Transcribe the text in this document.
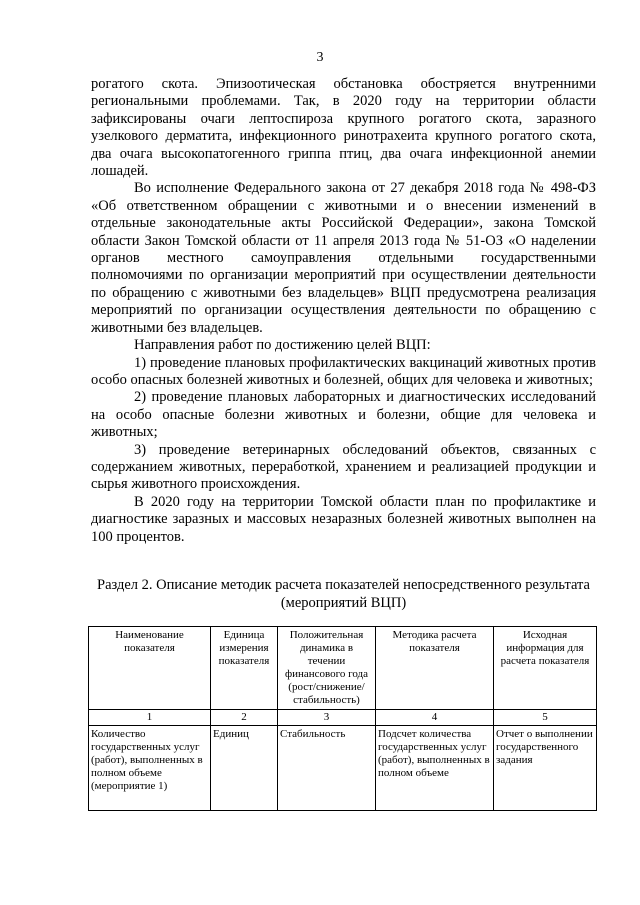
3

рогатого скота. Эпизоотическая обстановка обостряется внутренними региональными проблемами. Так, в 2020 году на территории области зафиксированы очаги лептоспироза крупного рогатого скота, заразного узелкового дерматита, инфекционного ринотрахеита крупного рогатого скота, два очага высокопатогенного гриппа птиц, два очага инфекционной анемии лошадей.

Во исполнение Федерального закона от 27 декабря 2018 года № 498-ФЗ «Об ответственном обращении с животными и о внесении изменений в отдельные законодательные акты Российской Федерации», закона Томской области Закон Томской области от 11 апреля 2013 года № 51-ОЗ «О наделении органов местного самоуправления отдельными государственными полномочиями по организации мероприятий при осуществлении деятельности по обращению с животными без владельцев» ВЦП предусмотрена реализация мероприятий по организации осуществления деятельности по обращению с животными без владельцев.

Направления работ по достижению целей ВЦП:

1) проведение плановых профилактических вакцинаций животных против особо опасных болезней животных и болезней, общих для человека и животных;

2) проведение плановых лабораторных и диагностических исследований на особо опасные болезни животных и болезни, общие для человека и животных;

3) проведение ветеринарных обследований объектов, связанных с содержанием животных, переработкой, хранением и реализацией продукции и сырья животного происхождения.

В 2020 году на территории Томской области план по профилактике и диагностике заразных и массовых незаразных болезней животных выполнен на 100 процентов.

Раздел 2. Описание методик расчета показателей непосредственного результата (мероприятий ВЦП)
Наименование показателя	Единица измерения показателя	Положительная динамика в течении финансового года (рост/снижение/стабильность)	Методика расчета показателя	Исходная информация для расчета показателя
1	2	3	4	5
Количество государственных услуг (работ), выполненных в полном объеме (мероприятие 1)	Единиц	Стабильность	Подсчет количества государственных услуг (работ), выполненных в полном объеме	Отчет о выполнении государственного задания
